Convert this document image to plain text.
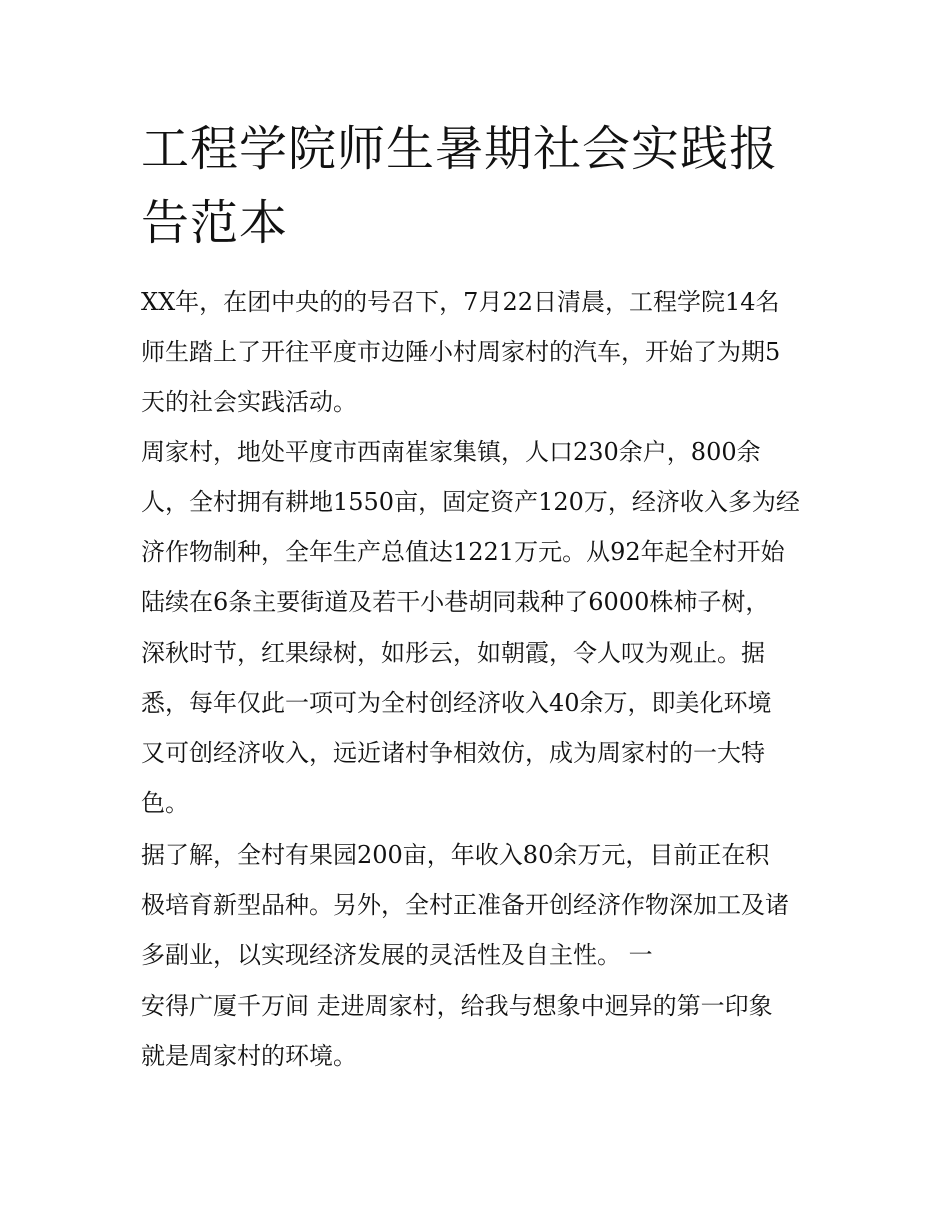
工程学院师生暑期社会实践报告范本

XX年，在团中央的的号召下，7月22日清晨，工程学院14名

师生踏上了开往平度市边陲小村周家村的汽车，开始了为期5

天的社会实践活动。

周家村，地处平度市西南崔家集镇，人口230余户，800余

人，全村拥有耕地1550亩，固定资产120万，经济收入多为经

济作物制种，全年生产总值达1221万元。从92年起全村开始

陆续在6条主要街道及若干小巷胡同栽种了6000株柿子树，

深秋时节，红果绿树，如彤云，如朝霞，令人叹为观止。据

悉，每年仅此一项可为全村创经济收入40余万，即美化环境

又可创经济收入，远近诸村争相效仿，成为周家村的一大特

色。

据了解，全村有果园200亩，年收入80余万元，目前正在积

极培育新型品种。另外，全村正准备开创经济作物深加工及诸

多副业，以实现经济发展的灵活性及自主性。 一

安得广厦千万间 走进周家村，给我与想象中迥异的第一印象

就是周家村的环境。
